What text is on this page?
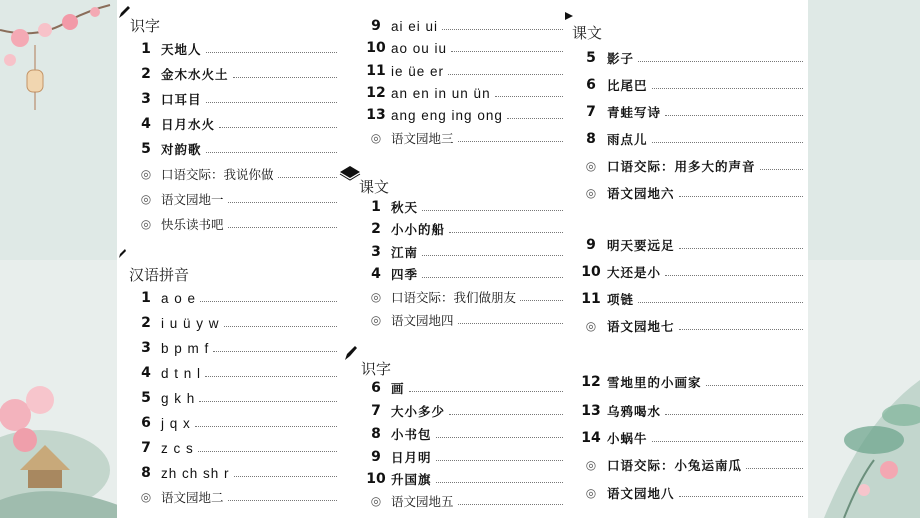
识字
1 天地人
2 金木水火土
3 口耳目
4 日月水火
5 对韵歌
◎ 口语交际：我说你做
◎ 语文园地一
◎ 快乐读书吧
汉语拼音
1 a o e
2 i u ü y w
3 b p m f
4 d t n l
5 g k h
6 j q x
7 z c s
8 zh ch sh r
◎ 语文园地二
9 ai ei ui
10 ao ou iu
11 ie üe er
12 an en in un ün
13 ang eng ing ong
◎ 语文园地三
课文
1 秋天
2 小小的船
3 江南
4 四季
◎ 口语交际：我们做朋友
◎ 语文园地四
识字
6 画
7 大小多少
8 小书包
9 日月明
10 升国旗
◎ 语文园地五
课文
5 影子
6 比尾巴
7 青蛙写诗
8 雨点儿
◎ 口语交际：用多大的声音
◎ 语文园地六
9 明天要远足
10 大还是小
11 项链
◎ 语文园地七
12 雪地里的小画家
13 乌鸦喝水
14 小蜗牛
◎ 口语交际：小兔运南瓜
◎ 语文园地八
